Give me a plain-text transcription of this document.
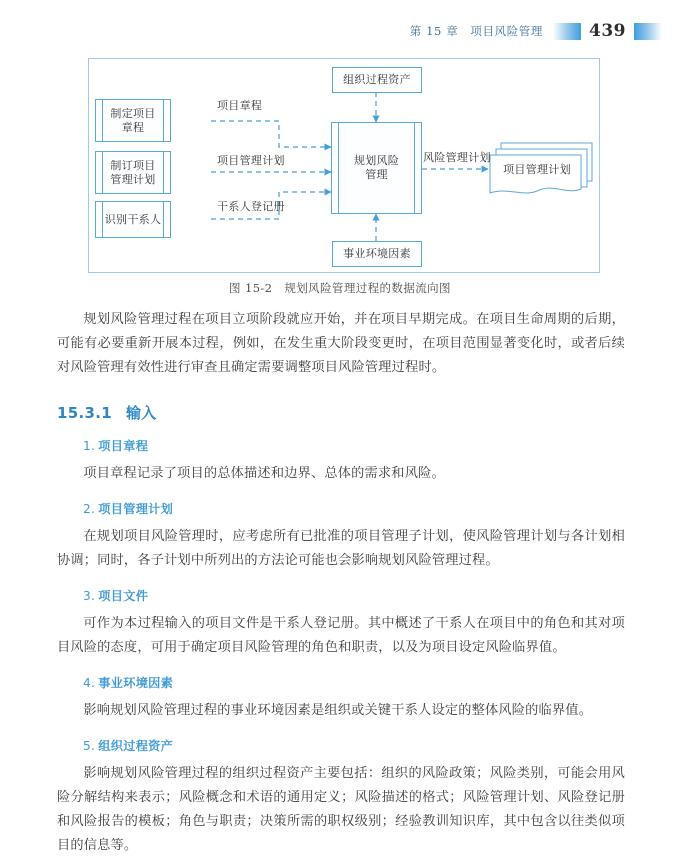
第 15 章　项目风险管理	439
制定项目
章程
制订项目
管理计划
识别干系人
组织过程资产
规划风险
管理
事业环境因素
项目管理计划
项目章程
项目管理计划
干系人登记册
风险管理计划
图 15-2　规划风险管理过程的数据流向图

规划风险管理过程在项目立项阶段就应开始，并在项目早期完成。在项目生命周期的后期，可能有必要重新开展本过程，例如，在发生重大阶段变更时，在项目范围显著变化时，或者后续对风险管理有效性进行审查且确定需要调整项目风险管理过程时。

15.3.1 输入
1. 项目章程

项目章程记录了项目的总体描述和边界、总体的需求和风险。

2. 项目管理计划

在规划项目风险管理时，应考虑所有已批准的项目管理子计划，使风险管理计划与各计划相协调；同时，各子计划中所列出的方法论可能也会影响规划风险管理过程。

3. 项目文件

可作为本过程输入的项目文件是干系人登记册。其中概述了干系人在项目中的角色和其对项目风险的态度，可用于确定项目风险管理的角色和职责，以及为项目设定风险临界值。

4. 事业环境因素

影响规划风险管理过程的事业环境因素是组织或关键干系人设定的整体风险的临界值。

5. 组织过程资产

影响规划风险管理过程的组织过程资产主要包括：组织的风险政策；风险类别，可能会用风险分解结构来表示；风险概念和术语的通用定义；风险描述的格式；风险管理计划、风险登记册和风险报告的模板；角色与职责；决策所需的职权级别；经验教训知识库，其中包含以往类似项目的信息等。
